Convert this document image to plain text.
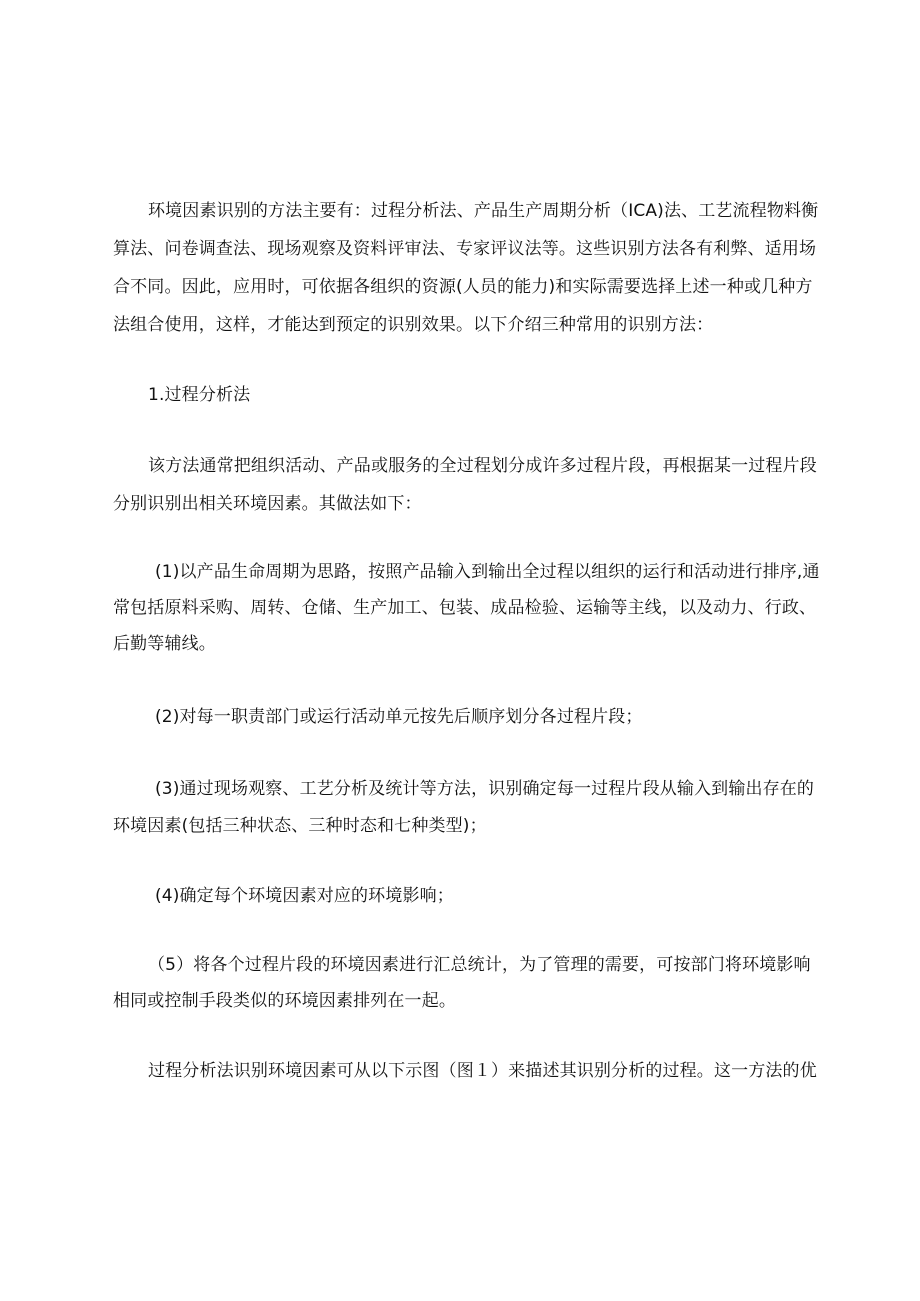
环境因素识别的方法主要有：过程分析法、产品生产周期分析（ICA)法、工艺流程物料衡
算法、问卷调查法、现场观察及资料评审法、专家评议法等。这些识别方法各有利弊、适用场
合不同。因此，应用时，可依据各组织的资源(人员的能力)和实际需要选择上述一种或几种方
法组合使用，这样，才能达到预定的识别效果。以下介绍三种常用的识别方法：
1.过程分析法
该方法通常把组织活动、产品或服务的全过程划分成许多过程片段，再根据某一过程片段
分别识别出相关环境因素。其做法如下：
(1)以产品生命周期为思路，按照产品输入到输出全过程以组织的运行和活动进行排序,通
常包括原料采购、周转、仓储、生产加工、包装、成品检验、运输等主线，以及动力、行政、
后勤等辅线。
(2)对每一职责部门或运行活动单元按先后顺序划分各过程片段；
(3)通过现场观察、工艺分析及统计等方法，识别确定每一过程片段从输入到输出存在的
环境因素(包括三种状态、三种时态和七种类型)；
(4)确定每个环境因素对应的环境影响；
（5）将各个过程片段的环境因素进行汇总统计，为了管理的需要，可按部门将环境影响
相同或控制手段类似的环境因素排列在一起。
过程分析法识别环境因素可从以下示图（图１）来描述其识别分析的过程。这一方法的优
